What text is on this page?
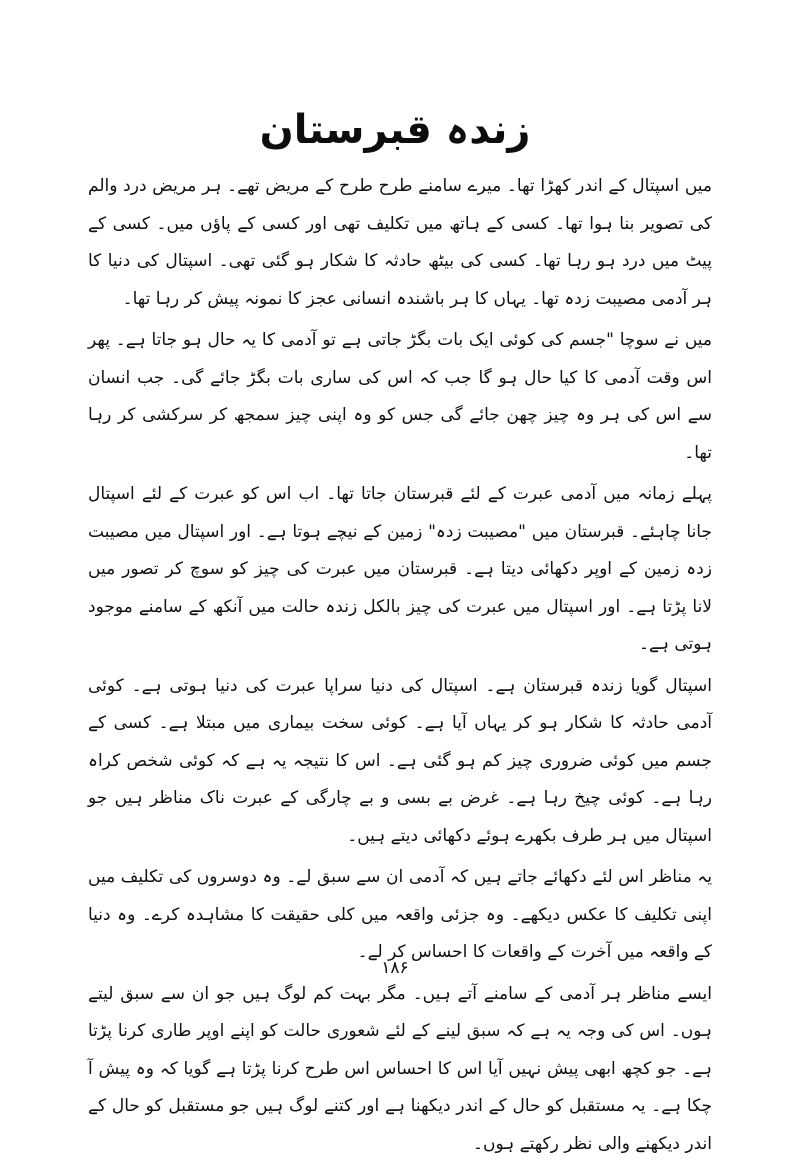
زندہ قبرستان

میں اسپتال کے اندر کھڑا تھا۔ میرے سامنے طرح طرح کے مریض تھے۔ ہر مریض درد والم کی تصویر بنا ہوا تھا۔ کسی کے ہاتھ میں تکلیف تھی اور کسی کے پاؤں میں۔ کسی کے پیٹ میں درد ہو رہا تھا۔ کسی کی بیٹھ حادثہ کا شکار ہو گئی تھی۔ اسپتال کی دنیا کا ہر آدمی مصیبت زدہ تھا۔ یہاں کا ہر باشندہ انسانی عجز کا نمونہ پیش کر رہا تھا۔

میں نے سوچا "جسم کی کوئی ایک بات بگڑ جاتی ہے تو آدمی کا یہ حال ہو جاتا ہے۔ پھر اس وقت آدمی کا کیا حال ہو گا جب کہ اس کی ساری بات بگڑ جائے گی۔ جب انسان سے اس کی ہر وہ چیز چھن جائے گی جس کو وہ اپنی چیز سمجھ کر سرکشی کر رہا تھا۔

پہلے زمانہ میں آدمی عبرت کے لئے قبرستان جاتا تھا۔ اب اس کو عبرت کے لئے اسپتال جانا چاہئے۔ قبرستان میں "مصیبت زدہ" زمین کے نیچے ہوتا ہے۔ اور اسپتال میں مصیبت زدہ زمین کے اوپر دکھائی دیتا ہے۔ قبرستان میں عبرت کی چیز کو سوچ کر تصور میں لانا پڑتا ہے۔ اور اسپتال میں عبرت کی چیز بالکل زندہ حالت میں آنکھ کے سامنے موجود ہوتی ہے۔

اسپتال گویا زندہ قبرستان ہے۔ اسپتال کی دنیا سراپا عبرت کی دنیا ہوتی ہے۔ کوئی آدمی حادثہ کا شکار ہو کر یہاں آیا ہے۔ کوئی سخت بیماری میں مبتلا ہے۔ کسی کے جسم میں کوئی ضروری چیز کم ہو گئی ہے۔ اس کا نتیجہ یہ ہے کہ کوئی شخص کراہ رہا ہے۔ کوئی چیخ رہا ہے۔ غرض بے بسی و بے چارگی کے عبرت ناک مناظر ہیں جو اسپتال میں ہر طرف بکھرے ہوئے دکھائی دیتے ہیں۔

یہ مناظر اس لئے دکھائے جاتے ہیں کہ آدمی ان سے سبق لے۔ وہ دوسروں کی تکلیف میں اپنی تکلیف کا عکس دیکھے۔ وہ جزئی واقعہ میں کلی حقیقت کا مشاہدہ کرے۔ وہ دنیا کے واقعہ میں آخرت کے واقعات کا احساس کر لے۔

ایسے مناظر ہر آدمی کے سامنے آتے ہیں۔ مگر بہت کم لوگ ہیں جو ان سے سبق لیتے ہوں۔ اس کی وجہ یہ ہے کہ سبق لینے کے لئے شعوری حالت کو اپنے اوپر طاری کرنا پڑتا ہے۔ جو کچھ ابھی پیش نہیں آیا اس کا احساس اس طرح کرنا پڑتا ہے گویا کہ وہ پیش آ چکا ہے۔ یہ مستقبل کو حال کے اندر دیکھنا ہے اور کتنے لوگ ہیں جو مستقبل کو حال کے اندر دیکھنے والی نظر رکھتے ہوں۔

۱۸۶
